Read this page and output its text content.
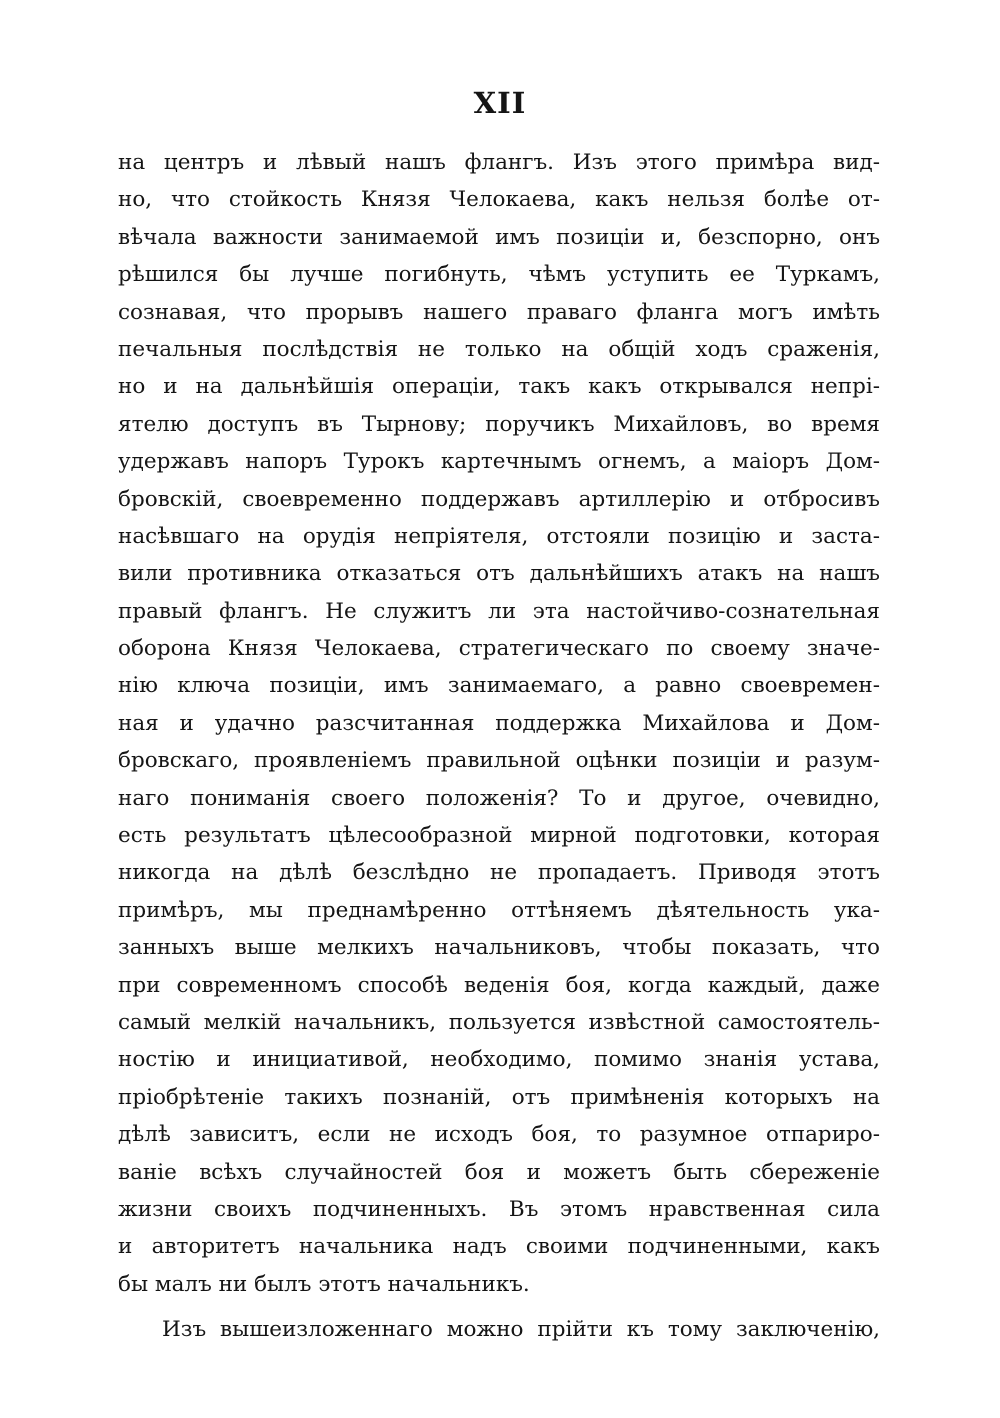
XII
на центръ и лѣвый нашъ флангъ. Изъ этого примѣра вид-
но, что стойкость Князя Челокаева, какъ нельзя болѣе от-
вѣчала важности занимаемой имъ позиціи и, безспорно, онъ
рѣшился бы лучше погибнуть, чѣмъ уступить ее Туркамъ,
сознавая, что прорывъ нашего праваго фланга могъ имѣть
печальныя послѣдствія не только на общій ходъ сраженія,
но и на дальнѣйшія операціи, такъ какъ открывался непрі-
ятелю доступъ въ Тырнову; поручикъ Михайловъ, во время
удержавъ напоръ Турокъ картечнымъ огнемъ, а маіоръ Дом-
бровскій, своевременно поддержавъ артиллерію и отбросивъ
насѣвшаго на орудія непріятеля, отстояли позицію и заста-
вили противника отказаться отъ дальнѣйшихъ атакъ на нашъ
правый флангъ. Не служитъ ли эта настойчиво-сознательная
оборона Князя Челокаева, стратегическаго по своему значе-
нію ключа позиціи, имъ занимаемаго, а равно своевремен-
ная и удачно разсчитанная поддержка Михайлова и Дом-
бровскаго, проявленіемъ правильной оцѣнки позиціи и разум-
наго пониманія своего положенія? То и другое, очевидно,
есть результатъ цѣлесообразной мирной подготовки, которая
никогда на дѣлѣ безслѣдно не пропадаетъ. Приводя этотъ
примѣръ, мы преднамѣренно оттѣняемъ дѣятельность ука-
занныхъ выше мелкихъ начальниковъ, чтобы показать, что
при современномъ способѣ веденія боя, когда каждый, даже
самый мелкій начальникъ, пользуется извѣстной самостоятель-
ностію и инициативой, необходимо, помимо знанія устава,
пріобрѣтеніе такихъ познаній, отъ примѣненія которыхъ на
дѣлѣ зависитъ, если не исходъ боя, то разумное отпариро-
ваніе всѣхъ случайностей боя и можетъ быть сбереженіе
жизни своихъ подчиненныхъ. Въ этомъ нравственная сила
и авторитетъ начальника надъ своими подчиненными, какъ
бы малъ ни былъ этотъ начальникъ.
Изъ вышеизложеннаго можно прійти къ тому заключенію,
